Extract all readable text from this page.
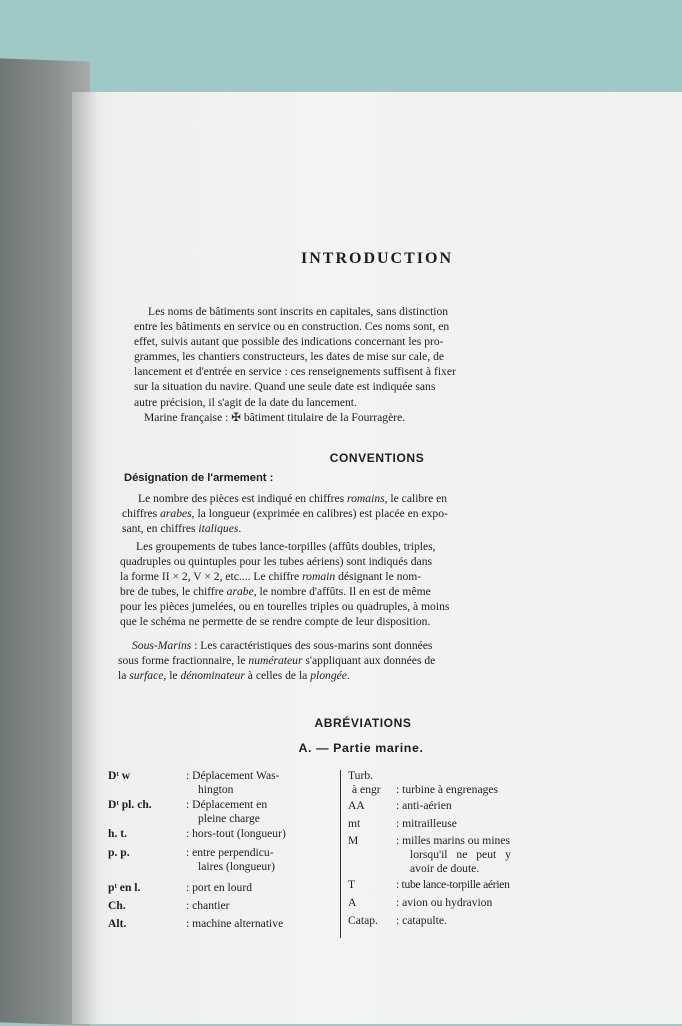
INTRODUCTION
Les noms de bâtiments sont inscrits en capitales, sans distinction
entre les bâtiments en service ou en construction. Ces noms sont, en
effet, suivis autant que possible des indications concernant les pro-
grammes, les chantiers constructeurs, les dates de mise sur cale, de
lancement et d'entrée en service : ces renseignements suffisent à fixer
sur la situation du navire. Quand une seule date est indiquée sans
autre précision, il s'agit de la date du lancement.
Marine française : ✠ bâtiment titulaire de la Fourragère.
CONVENTIONS
Désignation de l'armement :
Le nombre des pièces est indiqué en chiffres romains, le calibre en
chiffres arabes, la longueur (exprimée en calibres) est placée en expo-
sant, en chiffres italiques.
Les groupements de tubes lance-torpilles (affûts doubles, triples,
quadruples ou quintuples pour les tubes aériens) sont indiqués dans
la forme II × 2, V × 2, etc.... Le chiffre romain désignant le nom-
bre de tubes, le chiffre arabe, le nombre d'affûts. Il en est de même
pour les pièces jumelées, ou en tourelles triples ou quadruples, à moins
que le schéma ne permette de se rendre compte de leur disposition.
Sous-Marins : Les caractéristiques des sous-marins sont données
sous forme fractionnaire, le numérateur s'appliquant aux données de
la surface, le dénominateur à celles de la plongée.
ABRÉVIATIONS
A. — Partie marine.
Dᵗ w	: Déplacement Was-
hington
Dᵗ pl. ch.	: Déplacement en
pleine charge
h. t.	: hors-tout (longueur)
p. p.	: entre perpendicu-
laires (longueur)
pᵗ en l.	: port en lourd
Ch.	: chantier
Alt.	: machine alternative
Turb.
à engr : turbine à engrenages
AA	: anti-aérien
mt	: mitrailleuse
M	: milles marins ou mines
lorsqu'il ne peut y
avoir de doute.
T	: tube lance-torpille aérien
A	: avion ou hydravion
Catap. : catapulte.
